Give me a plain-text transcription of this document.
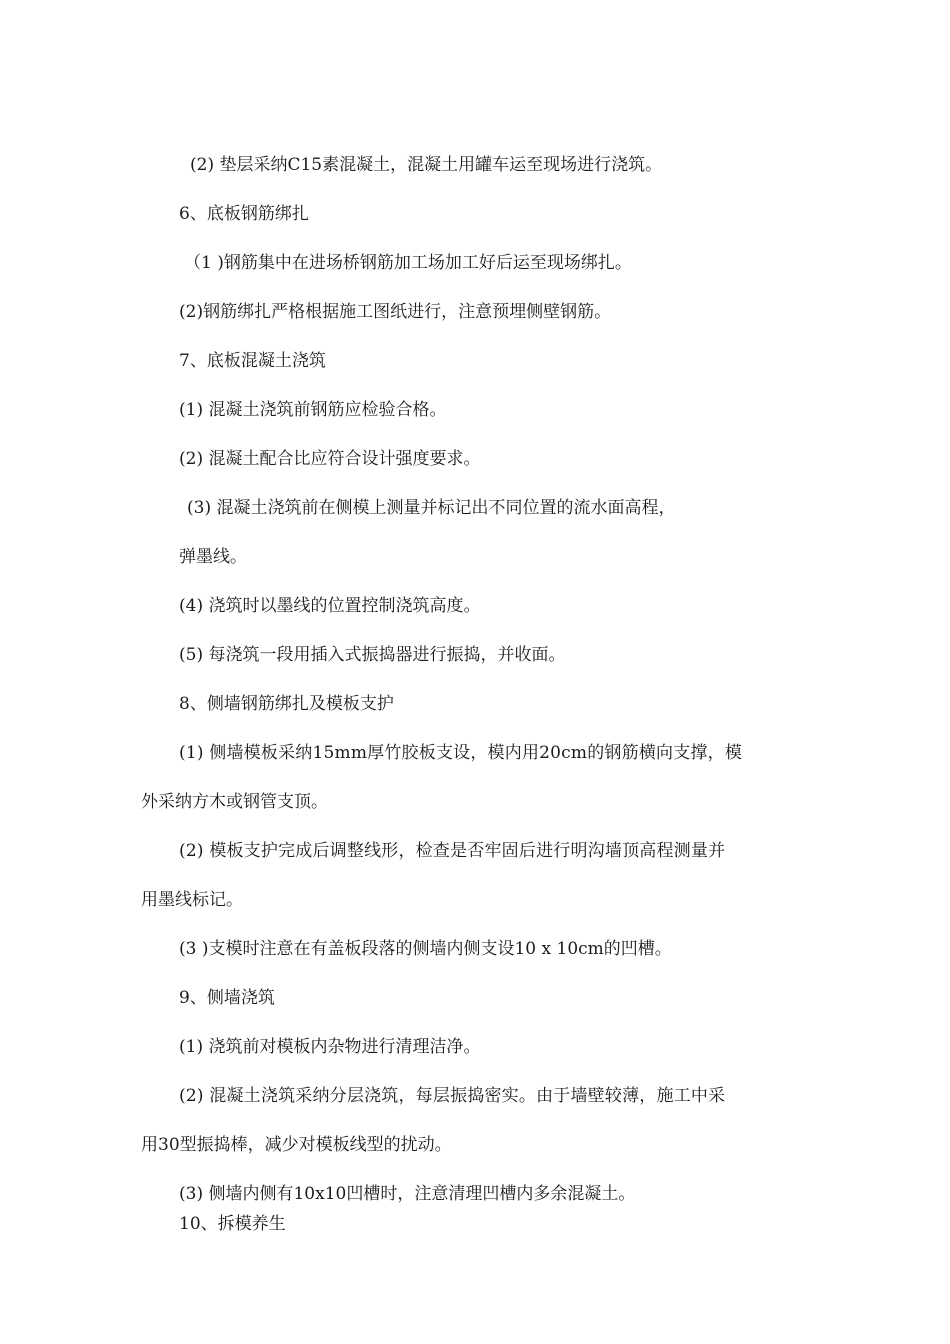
(2) 垫层采纳C15素混凝土，混凝土用罐车运至现场进行浇筑。
6、底板钢筋绑扎
（1 )钢筋集中在进场桥钢筋加工场加工好后运至现场绑扎。
(2)钢筋绑扎严格根据施工图纸进行，注意预埋侧壁钢筋。
7、底板混凝土浇筑
(1) 混凝土浇筑前钢筋应检验合格。
(2) 混凝土配合比应符合设计强度要求。
(3) 混凝土浇筑前在侧模上测量并标记出不同位置的流水面高程，
弹墨线。
(4) 浇筑时以墨线的位置控制浇筑高度。
(5) 每浇筑一段用插入式振捣器进行振捣，并收面。
8、侧墙钢筋绑扎及模板支护
(1) 侧墙模板采纳15mm厚竹胶板支设，模内用20cm的钢筋横向支撑，模
外采纳方木或钢管支顶。
(2) 模板支护完成后调整线形，检查是否牢固后进行明沟墙顶高程测量并
用墨线标记。
(3 )支模时注意在有盖板段落的侧墙内侧支设10 x 10cm的凹槽。
9、侧墙浇筑
(1) 浇筑前对模板内杂物进行清理洁净。
(2) 混凝土浇筑采纳分层浇筑，每层振捣密实。由于墙壁较薄，施工中采
用30型振捣棒，减少对模板线型的扰动。
(3) 侧墙内侧有10x10凹槽时，注意清理凹槽内多余混凝土。
10、拆模养生
